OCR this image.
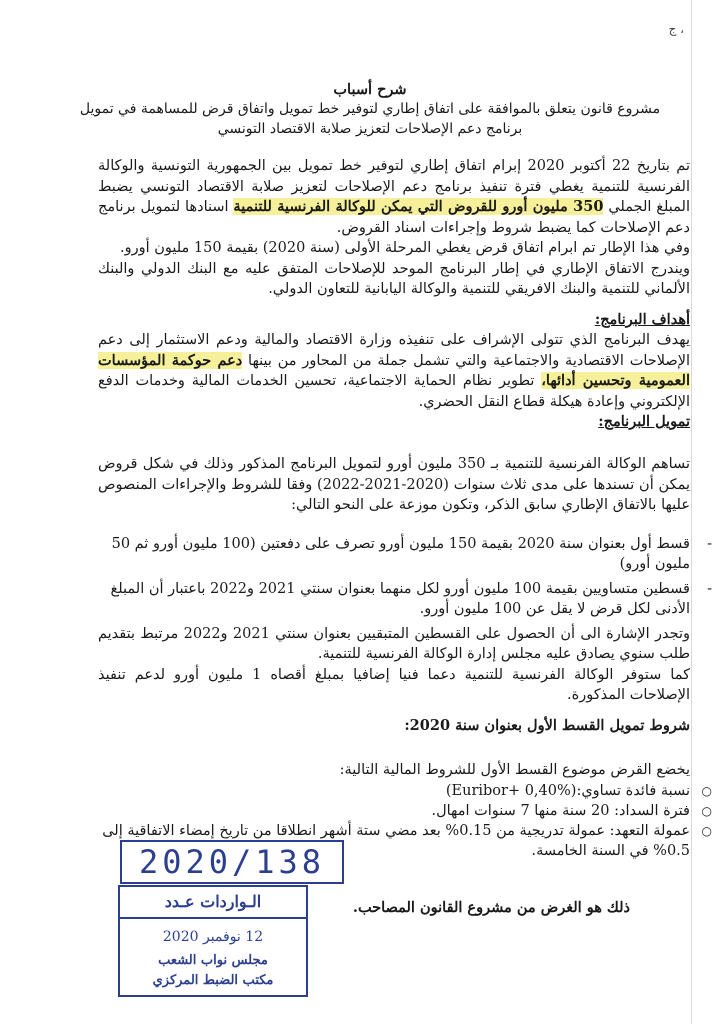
، ج
شرح أسباب
مشروع قانون يتعلق بالموافقة على اتفاق إطاري لتوفير خط تمويل واتفاق قرض للمساهمة في تمويل
برنامج دعم الإصلاحات لتعزيز صلابة الاقتصاد التونسي

تم بتاريخ 22 أكتوبر 2020 إبرام اتفاق إطاري لتوفير خط تمويل بين الجمهورية التونسية والوكالة الفرنسية للتنمية يغطي فترة تنفيذ برنامج دعم الإصلاحات لتعزيز صلابة الاقتصاد التونسي يضبط المبلغ الجملي 350 مليون أورو للقروض التي يمكن للوكالة الفرنسية للتنمية اسنادها لتمويل برنامج دعم الإصلاحات كما يضبط شروط وإجراءات اسناد القروض.

وفي هذا الإطار تم ابرام اتفاق قرض يغطي المرحلة الأولى (سنة 2020) بقيمة 150 مليون أورو.

ويندرج الاتفاق الإطاري في إطار البرنامج الموحد للإصلاحات المتفق عليه مع البنك الدولي والبنك الألماني للتنمية والبنك الافريقي للتنمية والوكالة اليابانية للتعاون الدولي.

أهداف البرنامج:

يهدف البرنامج الذي تتولى الإشراف على تنفيذه وزارة الاقتصاد والمالية ودعم الاستثمار إلى دعم الإصلاحات الاقتصادية والاجتماعية والتي تشمل جملة من المحاور من بينها دعم حوكمة المؤسسات العمومية وتحسين أدائها، تطوير نظام الحماية الاجتماعية، تحسين الخدمات المالية وخدمات الدفع الإلكتروني وإعادة هيكلة قطاع النقل الحضري.

تمويل البرنامج:

تساهم الوكالة الفرنسية للتنمية بـ 350 مليون أورو لتمويل البرنامج المذكور وذلك في شكل قروض يمكن أن تسندها على مدى ثلاث سنوات (2020-2021-2022) وفقا للشروط والإجراءات المنصوص عليها بالاتفاق الإطاري سابق الذكر، وتكون موزعة على النحو التالي:

-
قسط أول بعنوان سنة 2020 بقيمة 150 مليون أورو تصرف على دفعتين (100 مليون أورو ثم 50 مليون أورو)
-
قسطين متساويين بقيمة 100 مليون أورو لكل منهما بعنوان سنتي 2021 و2022 باعتبار أن المبلغ الأدنى لكل قرض لا يقل عن 100 مليون أورو.

وتجدر الإشارة الى أن الحصول على القسطين المتبقيين بعنوان سنتي 2021 و2022 مرتبط بتقديم طلب سنوي يصادق عليه مجلس إدارة الوكالة الفرنسية للتنمية.

كما ستوفر الوكالة الفرنسية للتنمية دعما فنيا إضافيا بمبلغ أقصاه 1 مليون أورو لدعم تنفيذ الإصلاحات المذكورة.

شروط تمويل القسط الأول بعنوان سنة 2020:

يخضع القرض موضوع القسط الأول للشروط المالية التالية:

○
نسبة فائدة تساوي:(Euribor+ 0,40%)
○
فترة السداد: 20 سنة منها 7 سنوات امهال.
○
عمولة التعهد: عمولة تدريجية من 0.15% بعد مضي ستة أشهر انطلاقا من تاريخ إمضاء الاتفاقية إلى 0.5% في السنة الخامسة.
2020/138
الـواردات عـدد
12 نوفمبر 2020
مجلس نواب الشعب
مكتب الضبط المركزي
ذلك هو الغرض من مشروع القانون المصاحب.
